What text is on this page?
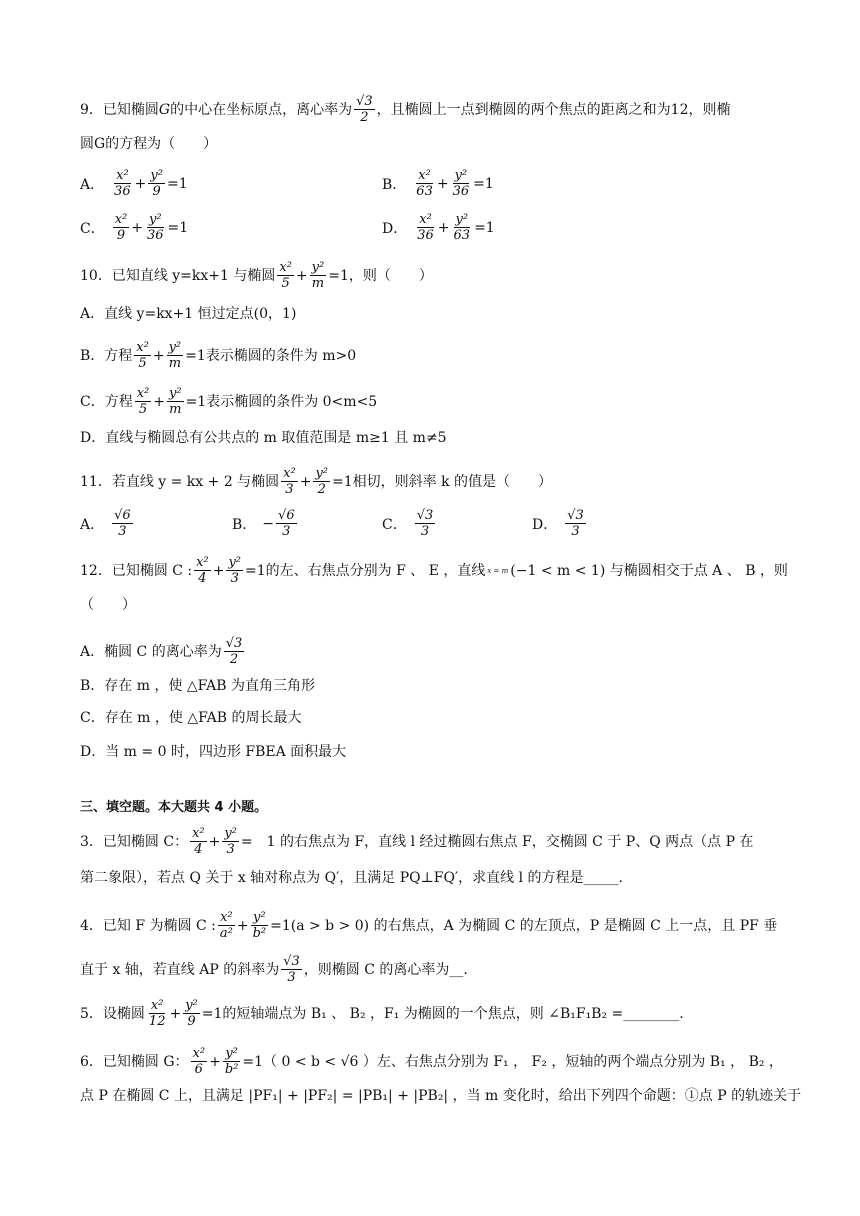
9．已知椭圆 G 的中心在坐标原点，离心率为 $\frac{√3}{2}$ ，且椭圆上一点到椭圆的两个焦点的距离之和为12，则椭
圆G的方程为（　　）
A． $\frac{\text{x²}}{36} + \frac{\text{y²}}{9} =1$	B． $\frac{\text{x²}}{63} + \frac{\text{y²}}{36} =1$
C． $\frac{\text{x²}}{9} + \frac{\text{y²}}{36} =1$	D． $\frac{\text{x²}}{36} + \frac{\text{y²}}{63} =1$
10．已知直线 y=kx+1 与椭圆 $\frac{\text{x²}}{5} + \frac{\text{y²}}{m} =1$，则（　　）
A．直线 y=kx+1 恒过定点(0，1)
B．方程 $\frac{\text{x²}}{5} + \frac{\text{y²}}{m} =1$表示椭圆的条件为 m>0
C．方程 $\frac{\text{x²}}{5} + \frac{\text{y²}}{m} =1$表示椭圆的条件为 0<m<5
D．直线与椭圆总有公共点的 m 取值范围是 m≥1 且 m≠5
11．若直线 y = kx + 2 与椭圆 $\frac{\text{x²}}{3} + \frac{\text{y²}}{2} =1$相切，则斜率 k 的值是（　　）
A． $\frac{√6}{3}$	B． − $\frac{√6}{3}$	C． $\frac{√3}{3}$	D． $\frac{√3}{3}$
12．已知椭圆 C : $\frac{\text{x²}}{4} + \frac{\text{y²}}{3} =1$的左、右焦点分别为 F 、 E ，直线 x = m (−1 < m < 1) 与椭圆相交于点 A 、 B ，则
（　　）
A．椭圆 C 的离心率为 $\frac{√3}{2}$
B．存在 m ，使 △FAB 为直角三角形
C．存在 m ，使 △FAB 的周长最大
D．当 m = 0 时，四边形 FBEA 面积最大
三、填空题。本大题共 4 小题。
3．已知椭圆 C： $\frac{\text{x²}}{4} + \frac{\text{y²}}{3}$ =　1 的右焦点为 F，直线 l 经过椭圆右焦点 F，交椭圆 C 于 P、Q 两点（点 P 在
第二象限），若点 Q 关于 x 轴对称点为 Q′，且满足 PQ⊥FQ′，求直线 l 的方程是_____.
4．已知 F 为椭圆 C : $\frac{\text{x²}}{\text{a²}} + \frac{\text{y²}}{\text{b²}} =1(a > b > 0)$ 的右焦点，A 为椭圆 C 的左顶点，P 是椭圆 C 上一点，且 PF 垂
直于 x 轴，若直线 AP 的斜率为 $\frac{√3}{3}$ ，则椭圆 C 的离心率为__.
5．设椭圆 $\frac{\text{x²}}{12} + \frac{\text{y²}}{9} =1$的短轴端点为 B₁ 、 B₂ ，F₁ 为椭圆的一个焦点，则 ∠B₁F₁B₂ =________.
6．已知椭圆 G： $\frac{\text{x²}}{6} + \frac{\text{y²}}{\text{b²}} =1$（ 0 < b < √6 ）左、右焦点分别为 F₁ ， F₂ ，短轴的两个端点分别为 B₁ ， B₂ ，
点 P 在椭圆 C 上，且满足 |PF₁| + |PF₂| = |PB₁| + |PB₂| ，当 m 变化时，给出下列四个命题：①点 P 的轨迹关于
